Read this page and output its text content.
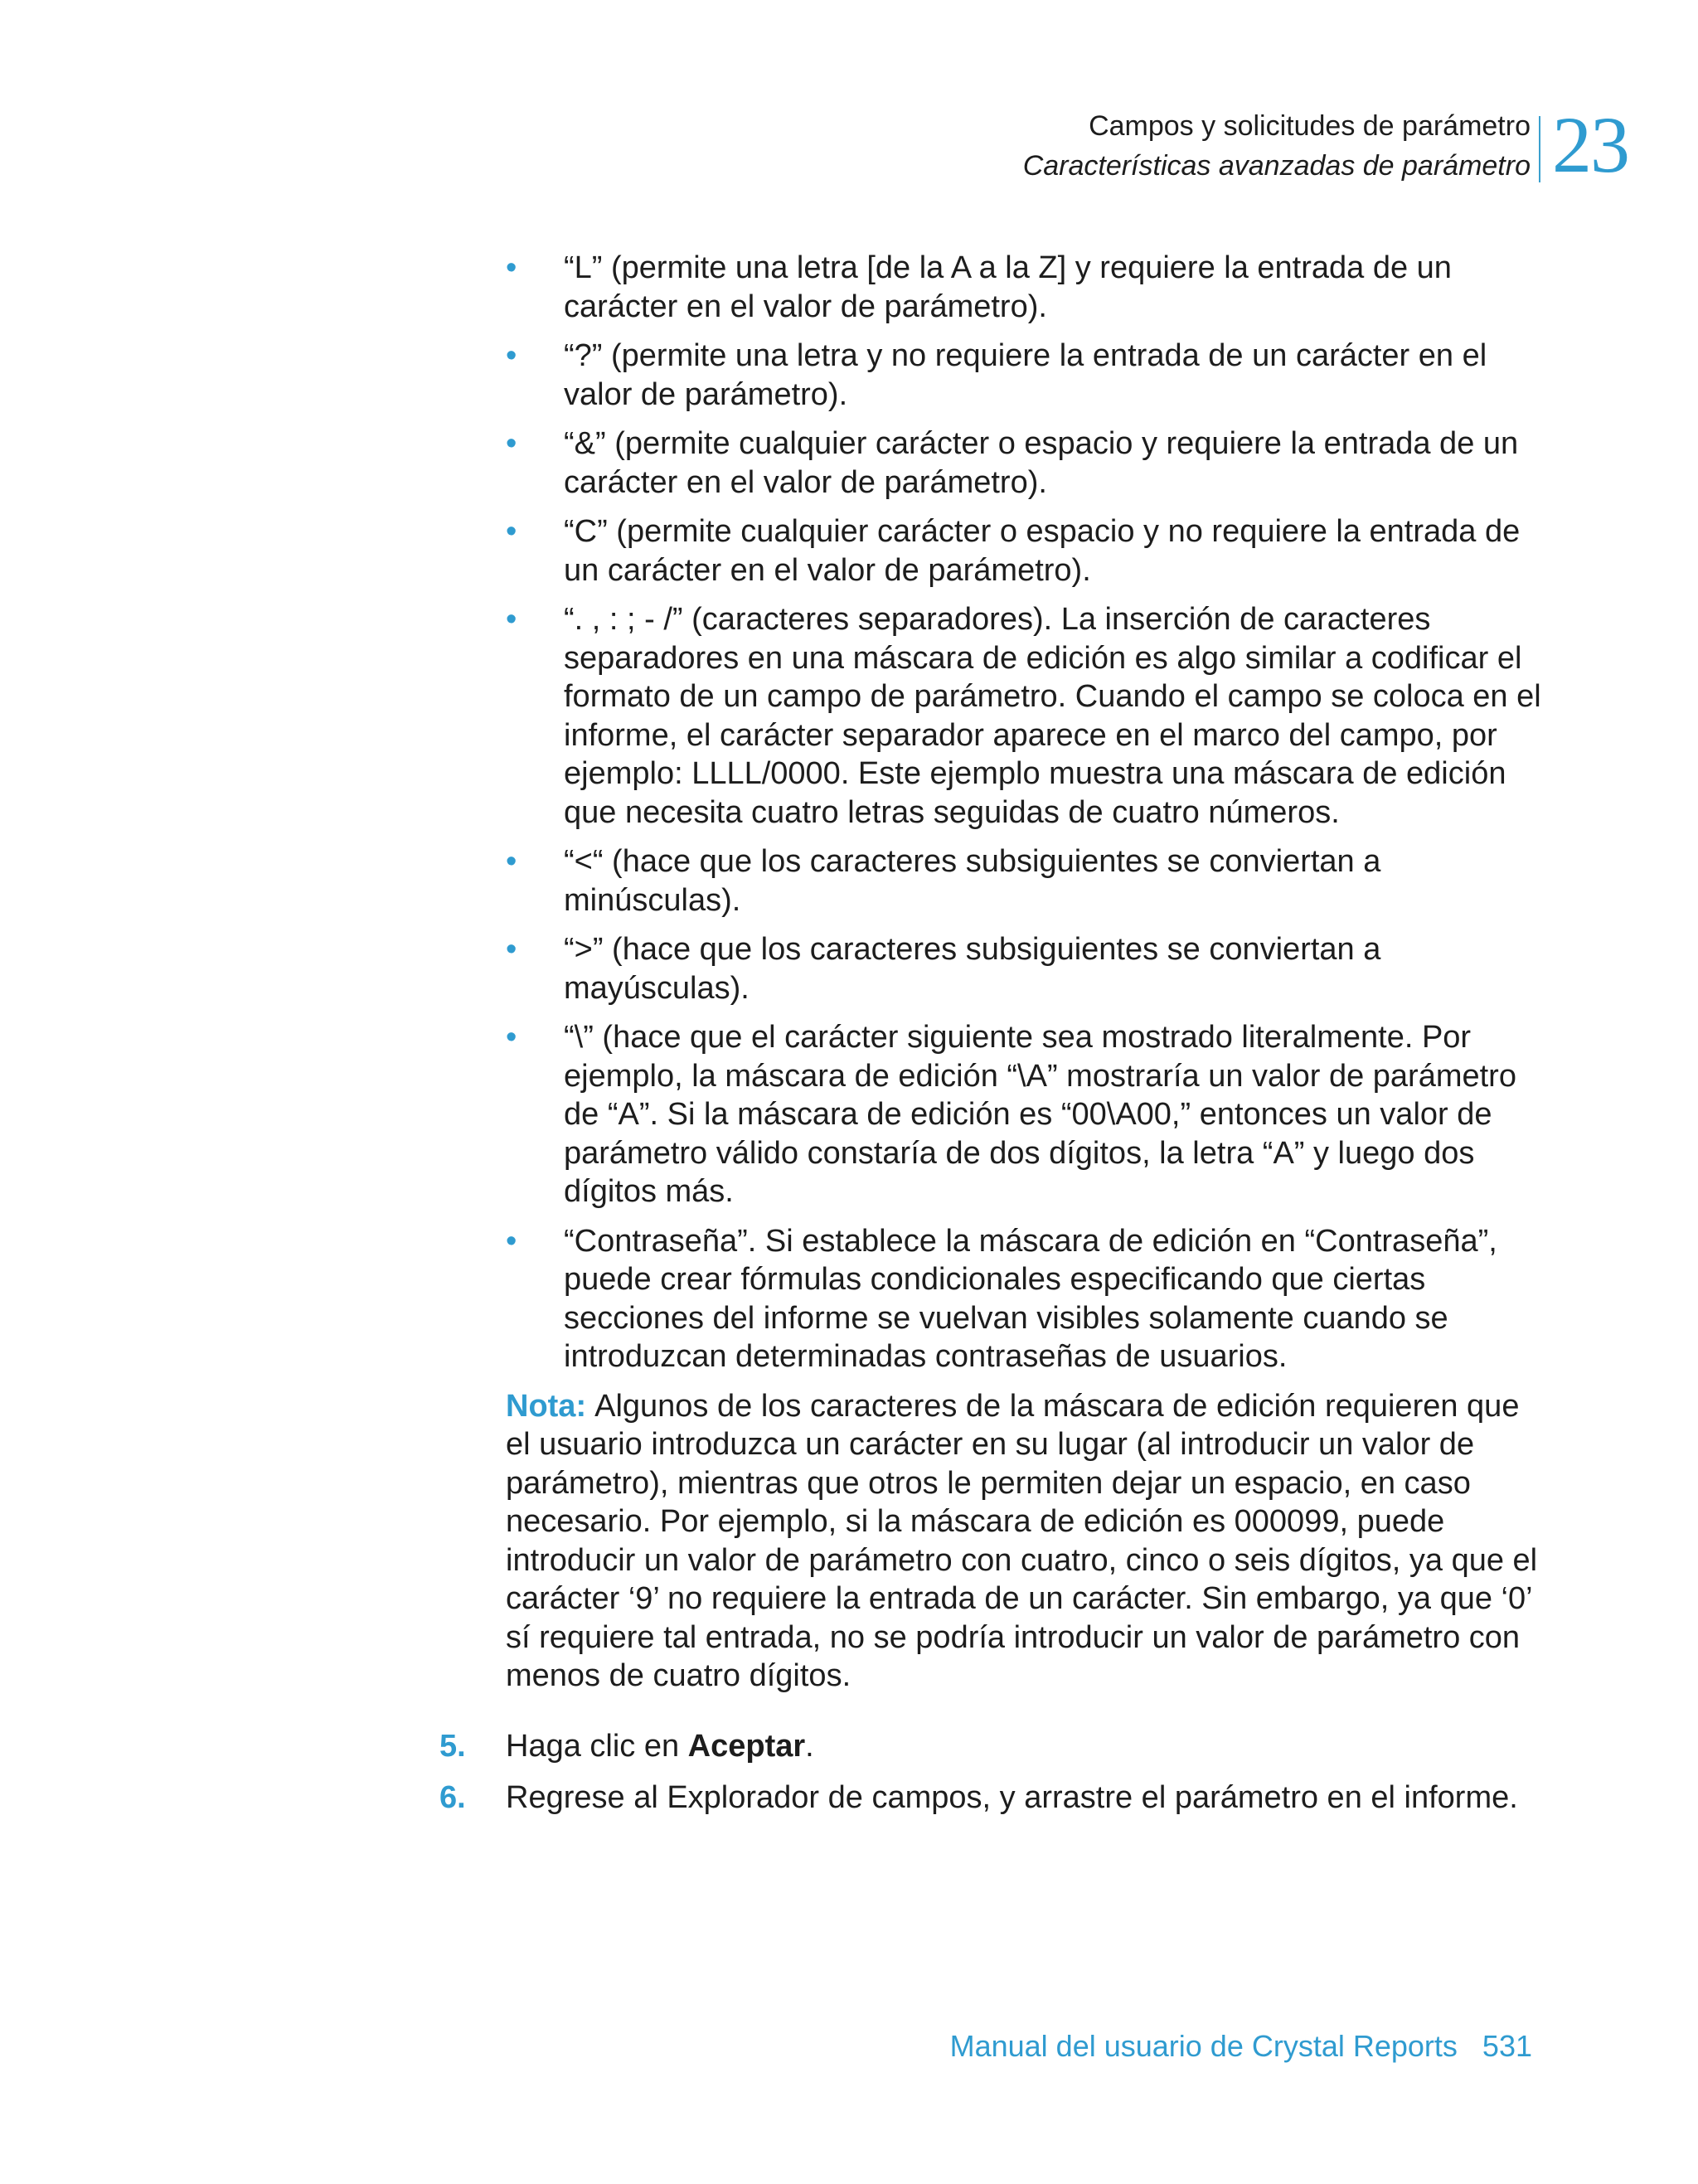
Campos y solicitudes de parámetro
Características avanzadas de parámetro 23
• “L” (permite una letra [de la A a la Z] y requiere la entrada de un carácter en el valor de parámetro).
• “?” (permite una letra y no requiere la entrada de un carácter en el valor de parámetro).
• “&” (permite cualquier carácter o espacio y requiere la entrada de un carácter en el valor de parámetro).
• “C” (permite cualquier carácter o espacio y no requiere la entrada de un carácter en el valor de parámetro).
• “. , : ; - /” (caracteres separadores). La inserción de caracteres separadores en una máscara de edición es algo similar a codificar el formato de un campo de parámetro. Cuando el campo se coloca en el informe, el carácter separador aparece en el marco del campo, por ejemplo: LLLL/0000. Este ejemplo muestra una máscara de edición que necesita cuatro letras seguidas de cuatro números.
• “<“ (hace que los caracteres subsiguientes se conviertan a minúsculas).
• “>” (hace que los caracteres subsiguientes se conviertan a mayúsculas).
• “\” (hace que el carácter siguiente sea mostrado literalmente. Por ejemplo, la máscara de edición “\A” mostraría un valor de parámetro de “A”. Si la máscara de edición es “00\A00,” entonces un valor de parámetro válido constaría de dos dígitos, la letra “A” y luego dos dígitos más.
• “Contraseña”. Si establece la máscara de edición en “Contraseña”, puede crear fórmulas condicionales especificando que ciertas secciones del informe se vuelvan visibles solamente cuando se introduzcan determinadas contraseñas de usuarios.

Nota: Algunos de los caracteres de la máscara de edición requieren que el usuario introduzca un carácter en su lugar (al introducir un valor de parámetro), mientras que otros le permiten dejar un espacio, en caso necesario. Por ejemplo, si la máscara de edición es 000099, puede introducir un valor de parámetro con cuatro, cinco o seis dígitos, ya que el carácter ‘9’ no requiere la entrada de un carácter. Sin embargo, ya que ‘0’ sí requiere tal entrada, no se podría introducir un valor de parámetro con menos de cuatro dígitos.

5. Haga clic en Aceptar.
6. Regrese al Explorador de campos, y arrastre el parámetro en el informe.
Manual del usuario de Crystal Reports 531
